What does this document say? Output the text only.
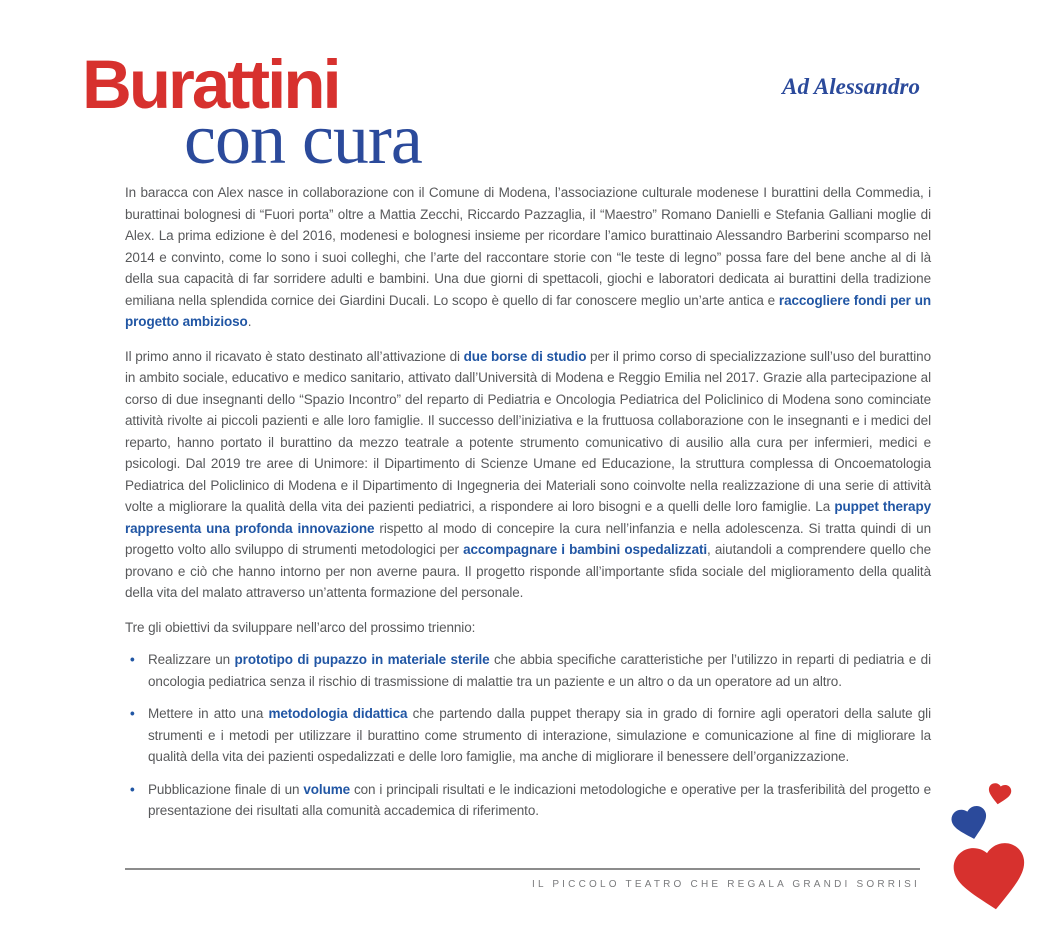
Ad Alessandro
Burattini
con cura

In baracca con Alex nasce in collaborazione con il Comune di Modena, l’associazione culturale modenese I burattini della Commedia, i burattinai bolognesi di “Fuori porta” oltre a Mattia Zecchi, Riccardo Pazzaglia, il “Maestro” Romano Danielli e Stefania Galliani moglie di Alex. La prima edizione è del 2016, modenesi e bolognesi insieme per ricordare l’amico burattinaio Alessandro Barberini scomparso nel 2014 e convinto, come lo sono i suoi colleghi, che l’arte del raccontare storie con “le teste di legno” possa fare del bene anche al di là della sua capacità di far sorridere adulti e bambini. Una due giorni di spettacoli, giochi e laboratori dedicata ai burattini della tradizione emiliana nella splendida cornice dei Giardini Ducali. Lo scopo è quello di far conoscere meglio un’arte antica e raccogliere fondi per un progetto ambizioso.

Il primo anno il ricavato è stato destinato all’attivazione di due borse di studio per il primo corso di specializzazione sull’uso del burattino in ambito sociale, educativo e medico sanitario, attivato dall’Università di Modena e Reggio Emilia nel 2017. Grazie alla partecipazione al corso di due insegnanti dello “Spazio Incontro” del reparto di Pediatria e Oncologia Pediatrica del Policlinico di Modena sono cominciate attività rivolte ai piccoli pazienti e alle loro famiglie. Il successo dell’iniziativa e la fruttuosa collaborazione con le insegnanti e i medici del reparto, hanno portato il burattino da mezzo teatrale a potente strumento comunicativo di ausilio alla cura per infermieri, medici e psicologi. Dal 2019 tre aree di Unimore: il Dipartimento di Scienze Umane ed Educazione, la struttura complessa di Oncoematologia Pediatrica del Policlinico di Modena e il Dipartimento di Ingegneria dei Materiali sono coinvolte nella realizzazione di una serie di attività volte a migliorare la qualità della vita dei pazienti pediatrici, a rispondere ai loro bisogni e a quelli delle loro famiglie. La puppet therapy rappresenta una profonda innovazione rispetto al modo di concepire la cura nell’infanzia e nella adolescenza. Si tratta quindi di un progetto volto allo sviluppo di strumenti metodologici per accompagnare i bambini ospedalizzati, aiutandoli a comprendere quello che provano e ciò che hanno intorno per non averne paura. Il progetto risponde all’importante sfida sociale del miglioramento della qualità della vita del malato attraverso un’attenta formazione del personale.

Tre gli obiettivi da sviluppare nell’arco del prossimo triennio:

• Realizzare un prototipo di pupazzo in materiale sterile che abbia specifiche caratteristiche per l’utilizzo in reparti di pediatria e di oncologia pediatrica senza il rischio di trasmissione di malattie tra un paziente e un altro o da un operatore ad un altro.
• Mettere in atto una metodologia didattica che partendo dalla puppet therapy sia in grado di fornire agli operatori della salute gli strumenti e i metodi per utilizzare il burattino come strumento di interazione, simulazione e comunicazione al fine di migliorare la qualità della vita dei pazienti ospedalizzati e delle loro famiglie, ma anche di migliorare il benessere dell’organizzazione.
• Pubblicazione finale di un volume con i principali risultati e le indicazioni metodologiche e operative per la trasferibilità del progetto e presentazione dei risultati alla comunità accademica di riferimento.
IL PICCOLO TEATRO CHE REGALA GRANDI SORRISI
